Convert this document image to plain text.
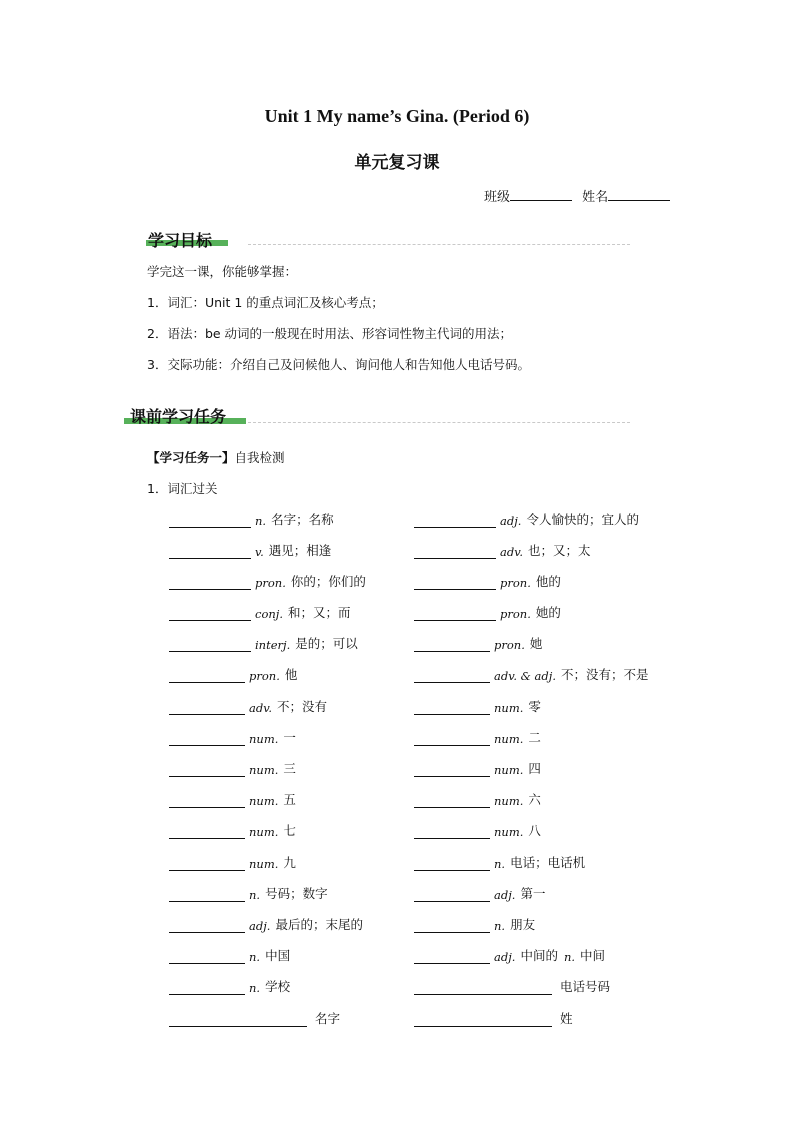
Unit 1 My name’s Gina. (Period 6)
单元复习课
班级	姓名
学习目标
学完这一课，你能够掌握：
1．词汇：Unit 1 的重点词汇及核心考点；
2．语法：be 动词的一般现在时用法、形容词性物主代词的用法；
3．交际功能：介绍自己及问候他人、询问他人和告知他人电话号码。
课前学习任务
【学习任务一】自我检测
1．词汇过关
n. 名字；名称
v. 遇见；相逢
pron. 你的；你们的
conj. 和；又；而
interj. 是的；可以
pron. 他
adv. 不；没有
num. 一
num. 三
num. 五
num. 七
num. 九
n. 号码；数字
adj. 最后的；末尾的
n. 中国
n. 学校
名字
adj. 令人愉快的；宜人的
adv. 也；又；太
pron. 他的
pron. 她的
pron. 她
adv. & adj. 不；没有；不是
num. 零
num. 二
num. 四
num. 六
num. 八
n. 电话；电话机
adj. 第一
n. 朋友
adj. 中间的 n. 中间
电话号码
姓
